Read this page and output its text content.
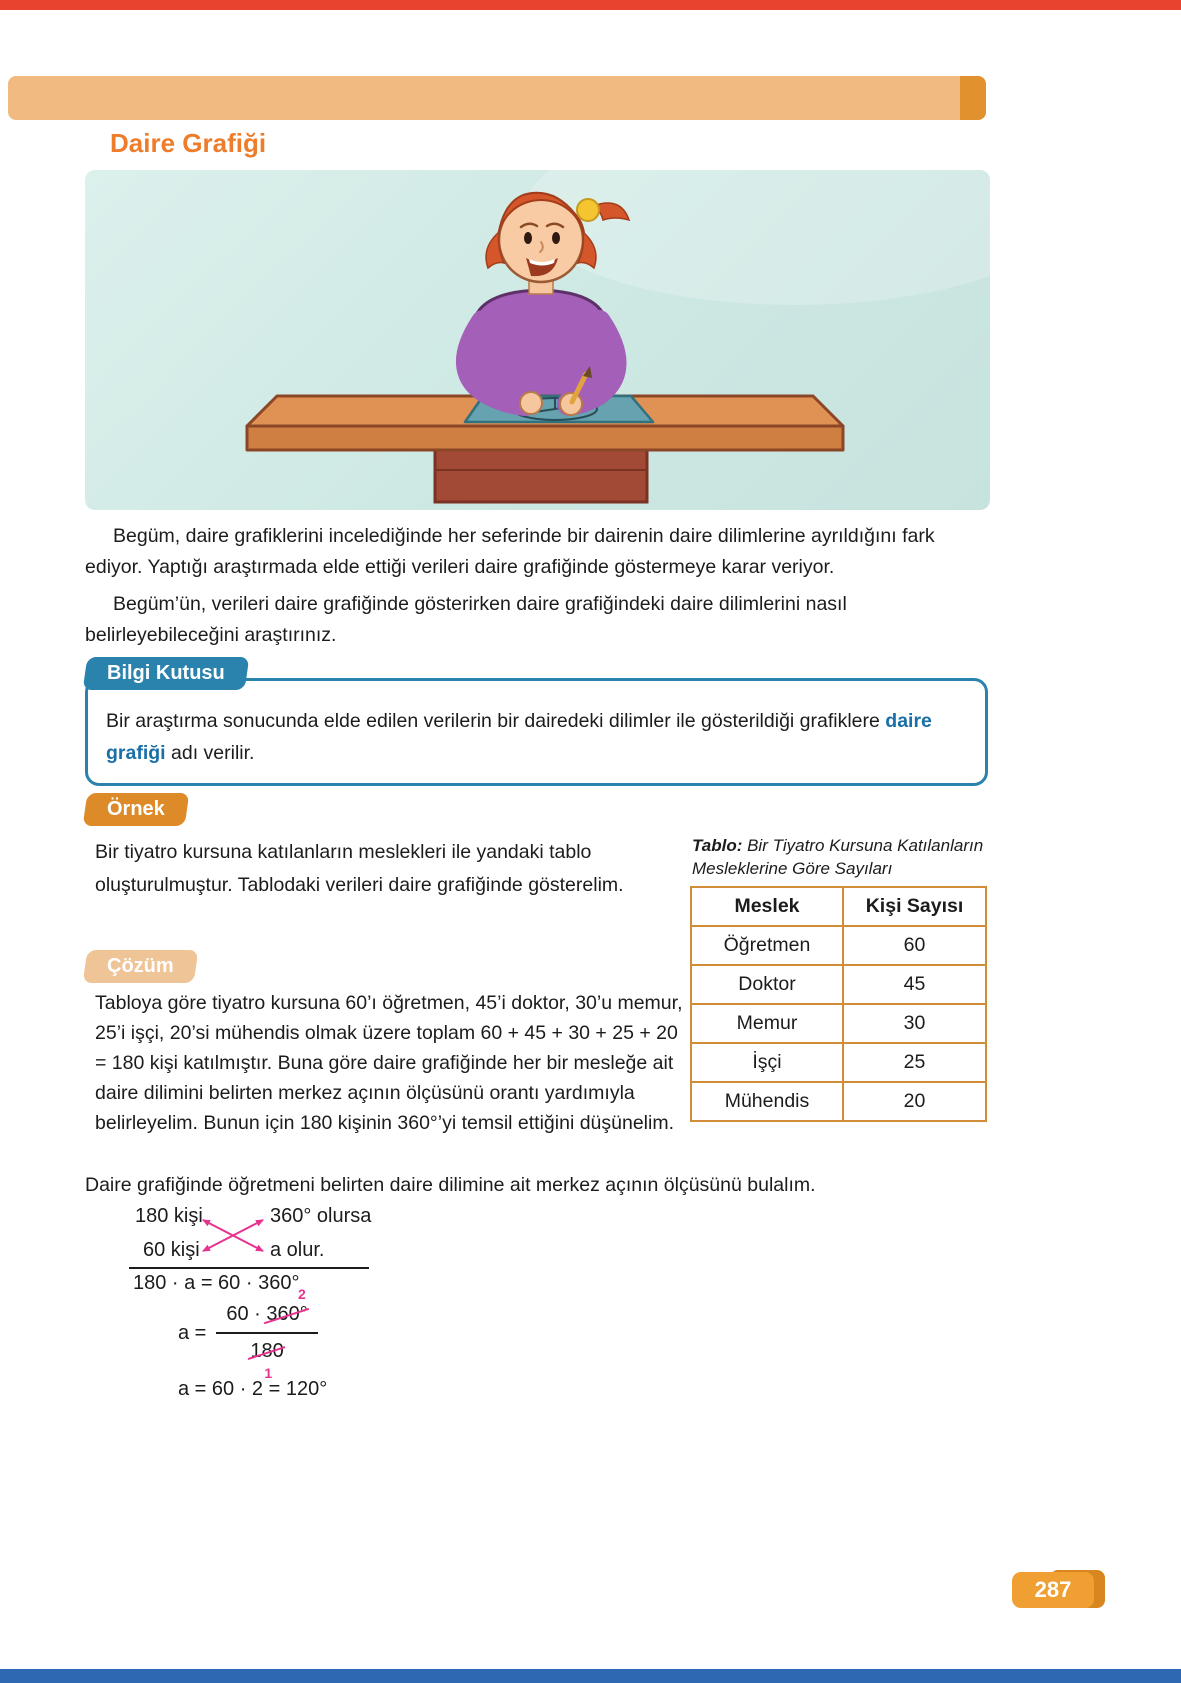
Daire Grafiği

Begüm, daire grafiklerini incelediğinde her seferinde bir dairenin daire dilimlerine ayrıldığını fark ediyor. Yaptığı araştırmada elde ettiği verileri daire grafiğinde göstermeye karar veriyor.

Begüm’ün, verileri daire grafiğinde gösterirken daire grafiğindeki daire dilimlerini nasıl belirleyebileceğini araştırınız.

Bilgi Kutusu
Bir araştırma sonucunda elde edilen verilerin bir dairedeki dilimler ile gösterildiği grafiklere daire grafiği adı verilir.
Örnek

Bir tiyatro kursuna katılanların meslekleri ile yandaki tablo oluşturulmuştur. Tablodaki verileri daire grafiğinde gösterelim.

Tablo: Bir Tiyatro Kursuna Katılanların Mesleklerine Göre Sayıları

Meslek	Kişi Sayısı
Öğretmen	60
Doktor	45
Memur	30
İşçi	25
Mühendis	20
Çözüm

Tabloya göre tiyatro kursuna 60’ı öğretmen, 45’i doktor, 30’u memur, 25’i işçi, 20’si mühendis olmak üzere toplam 60 + 45 + 30 + 25 + 20 = 180 kişi katılmıştır. Buna göre daire grafiğinde her bir mesleğe ait daire dilimini belirten merkez açının ölçüsünü orantı yardımıyla belirleyelim. Bunun için 180 kişinin 360°’yi temsil ettiğini düşünelim.

Daire grafiğinde öğretmeni belirten daire dilimine ait merkez açının ölçüsünü bulalım.

180 kişi	360° olursa
60 kişi	a olur.

180 · a = 60 · 360°

a = 60 · 360°
2
180
1

a = 60 · 2 = 120°

287
